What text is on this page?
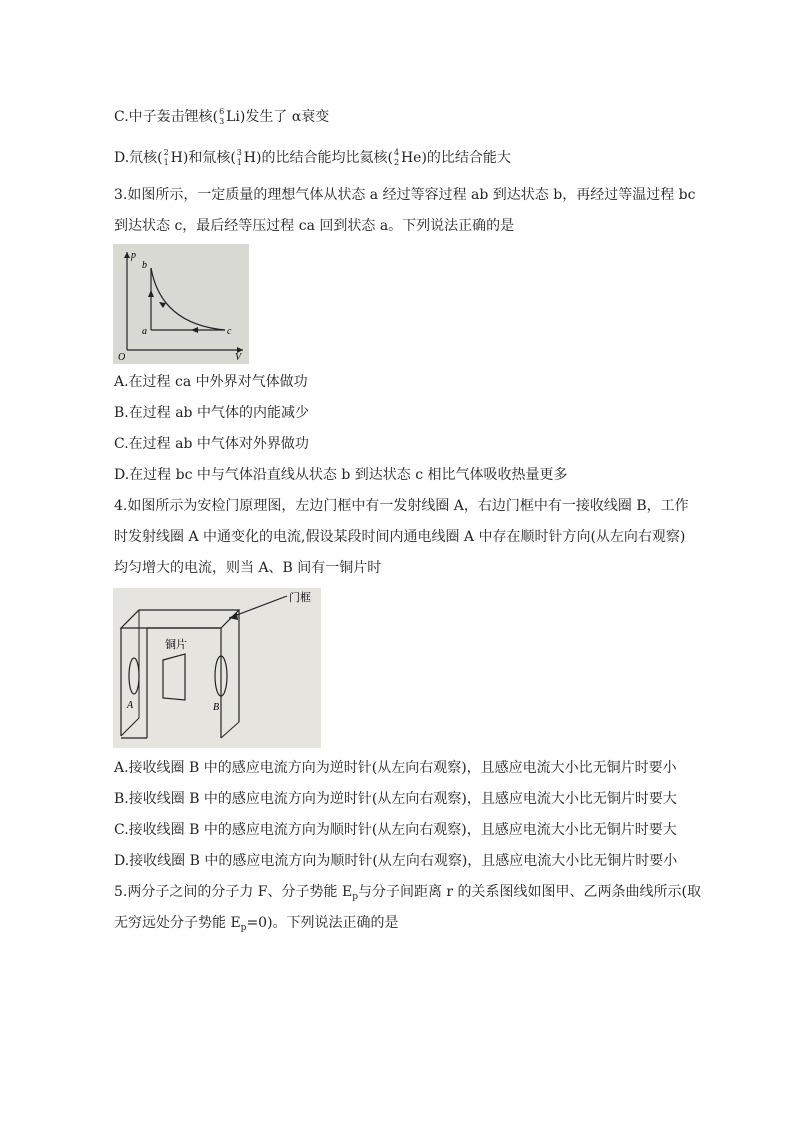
C.中子轰击锂核( 6
3 Li)发生了 α衰变
D.氘核( 2
1 H)和氚核( 3
1 H)的比结合能均比氦核( 4
2 He)的比结合能大
3.如图所示，一定质量的理想气体从状态 a 经过等容过程 ab 到达状态 b，再经过等温过程 bc
到达状态 c，最后经等压过程 ca 回到状态 a。下列说法正确的是
p
V
O
b
a	c
A.在过程 ca 中外界对气体做功
B.在过程 ab 中气体的内能减少
C.在过程 ab 中气体对外界做功
D.在过程 bc 中与气体沿直线从状态 b 到达状态 c 相比气体吸收热量更多
4.如图所示为安检门原理图，左边门框中有一发射线圈 A，右边门框中有一接收线圈 B，工作
时发射线圈 A 中通变化的电流,假设某段时间内通电线圈 A 中存在顺时针方向(从左向右观察)
均匀增大的电流，则当 A、B 间有一铜片时
铜片
A	B
门框
A.接收线圈 B 中的感应电流方向为逆时针(从左向右观察)，且感应电流大小比无铜片时要小
B.接收线圈 B 中的感应电流方向为逆时针(从左向右观察)，且感应电流大小比无铜片时要大
C.接收线圈 B 中的感应电流方向为顺时针(从左向右观察)，且感应电流大小比无铜片时要大
D.接收线圈 B 中的感应电流方向为顺时针(从左向右观察)，且感应电流大小比无铜片时要小
5.两分子之间的分子力 F、分子势能 $E_p$与分子间距离 r 的关系图线如图甲、乙两条曲线所示(取
无穷远处分子势能 $E_p=0$)。下列说法正确的是
